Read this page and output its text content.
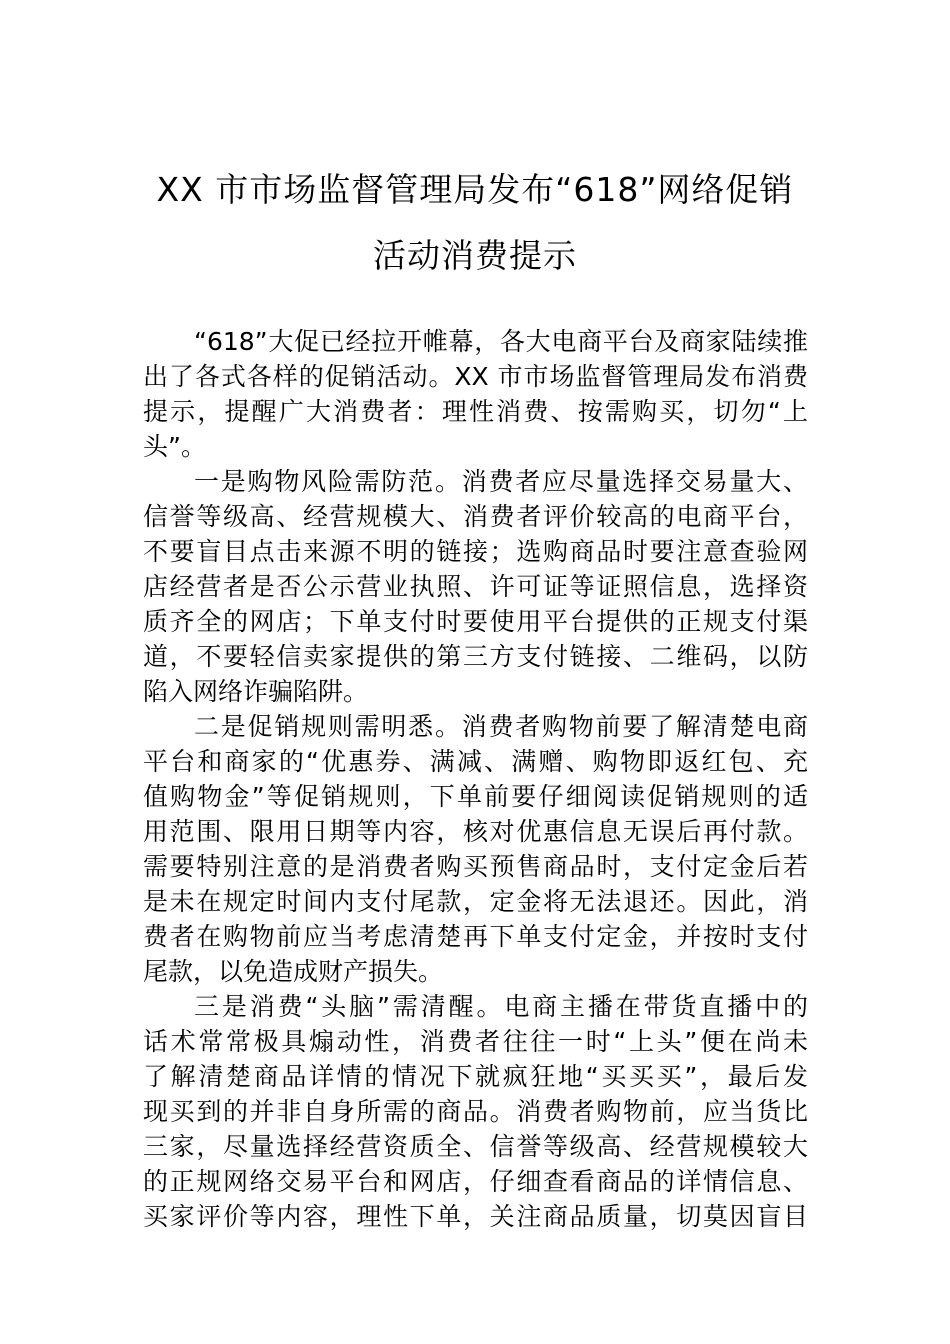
XX 市市场监督管理局发布“618”网络促销
活动消费提示
“618”大促已经拉开帷幕，各大电商平台及商家陆续推
出了各式各样的促销活动。XX 市市场监督管理局发布消费
提示，提醒广大消费者：理性消费、按需购买，切勿“上
头”。
一是购物风险需防范。消费者应尽量选择交易量大、
信誉等级高、经营规模大、消费者评价较高的电商平台，
不要盲目点击来源不明的链接；选购商品时要注意查验网
店经营者是否公示营业执照、许可证等证照信息，选择资
质齐全的网店；下单支付时要使用平台提供的正规支付渠
道，不要轻信卖家提供的第三方支付链接、二维码，以防
陷入网络诈骗陷阱。
二是促销规则需明悉。消费者购物前要了解清楚电商
平台和商家的“优惠券、满减、满赠、购物即返红包、充
值购物金”等促销规则，下单前要仔细阅读促销规则的适
用范围、限用日期等内容，核对优惠信息无误后再付款。
需要特别注意的是消费者购买预售商品时，支付定金后若
是未在规定时间内支付尾款，定金将无法退还。因此，消
费者在购物前应当考虑清楚再下单支付定金，并按时支付
尾款，以免造成财产损失。
三是消费“头脑”需清醒。电商主播在带货直播中的
话术常常极具煽动性，消费者往往一时“上头”便在尚未
了解清楚商品详情的情况下就疯狂地“买买买”，最后发
现买到的并非自身所需的商品。消费者购物前，应当货比
三家，尽量选择经营资质全、信誉等级高、经营规模较大
的正规网络交易平台和网店，仔细查看商品的详情信息、
买家评价等内容，理性下单，关注商品质量，切莫因盲目
